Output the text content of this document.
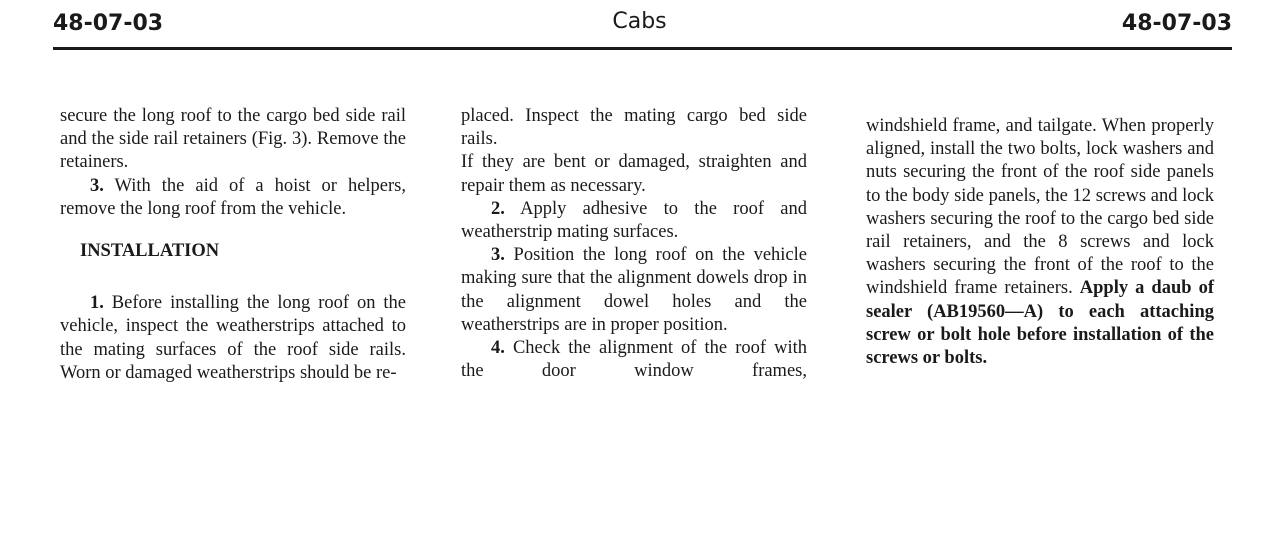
48-07-03	Cabs	48-07-03

secure the long roof to the cargo bed side rail and the side rail retainers (Fig. 3). Remove the retainers.

3. With the aid of a hoist or helpers, remove the long roof from the vehicle.

INSTALLATION

1. Before installing the long roof on the vehicle, inspect the weatherstrips attached to the mating surfaces of the roof side rails. Worn or damaged weatherstrips should be re-

placed. Inspect the mating cargo bed side rails.

If they are bent or damaged, straighten and repair them as necessary.

2. Apply adhesive to the roof and weatherstrip mating surfaces.

3. Position the long roof on the vehicle making sure that the alignment dowels drop in the alignment dowel holes and the weatherstrips are in proper position.

4. Check the alignment of the roof with the door window frames,

windshield frame, and tailgate. When properly aligned, install the two bolts, lock washers and nuts securing the front of the roof side panels to the body side panels, the 12 screws and lock washers securing the roof to the cargo bed side rail retainers, and the 8 screws and lock washers securing the front of the roof to the windshield frame retainers. Apply a daub of sealer (AB19560—A) to each attaching screw or bolt hole before installation of the screws or bolts.
